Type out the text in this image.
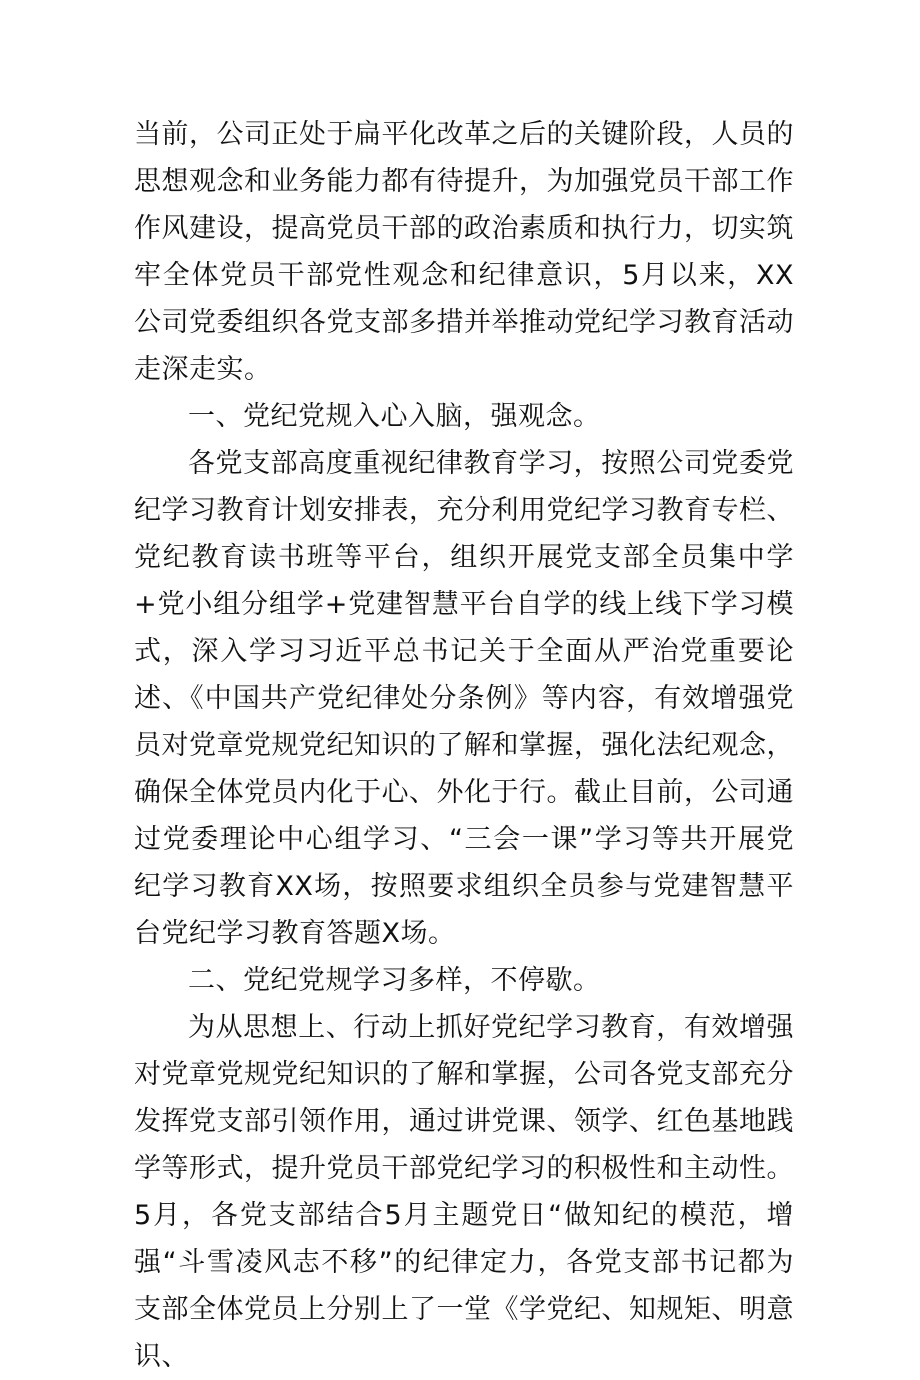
当前，公司正处于扁平化改革之后的关键阶段，人员的思想观念和业务能力都有待提升，为加强党员干部工作作风建设，提高党员干部的政治素质和执行力，切实筑牢全体党员干部党性观念和纪律意识，5月以来，XX公司党委组织各党支部多措并举推动党纪学习教育活动走深走实。

一、党纪党规入心入脑，强观念。

各党支部高度重视纪律教育学习，按照公司党委党纪学习教育计划安排表，充分利用党纪学习教育专栏、党纪教育读书班等平台，组织开展党支部全员集中学+党小组分组学+党建智慧平台自学的线上线下学习模式，深入学习习近平总书记关于全面从严治党重要论述、《中国共产党纪律处分条例》等内容，有效增强党员对党章党规党纪知识的了解和掌握，强化法纪观念，确保全体党员内化于心、外化于行。截止目前，公司通过党委理论中心组学习、“三会一课”学习等共开展党纪学习教育XX场，按照要求组织全员参与党建智慧平台党纪学习教育答题X场。

二、党纪党规学习多样，不停歇。

为从思想上、行动上抓好党纪学习教育，有效增强对党章党规党纪知识的了解和掌握，公司各党支部充分发挥党支部引领作用，通过讲党课、领学、红色基地践学等形式，提升党员干部党纪学习的积极性和主动性。5月，各党支部结合5月主题党日“做知纪的模范，增强“斗雪凌风志不移”的纪律定力，各党支部书记都为支部全体党员上分别上了一堂《学党纪、知规矩、明意识、
